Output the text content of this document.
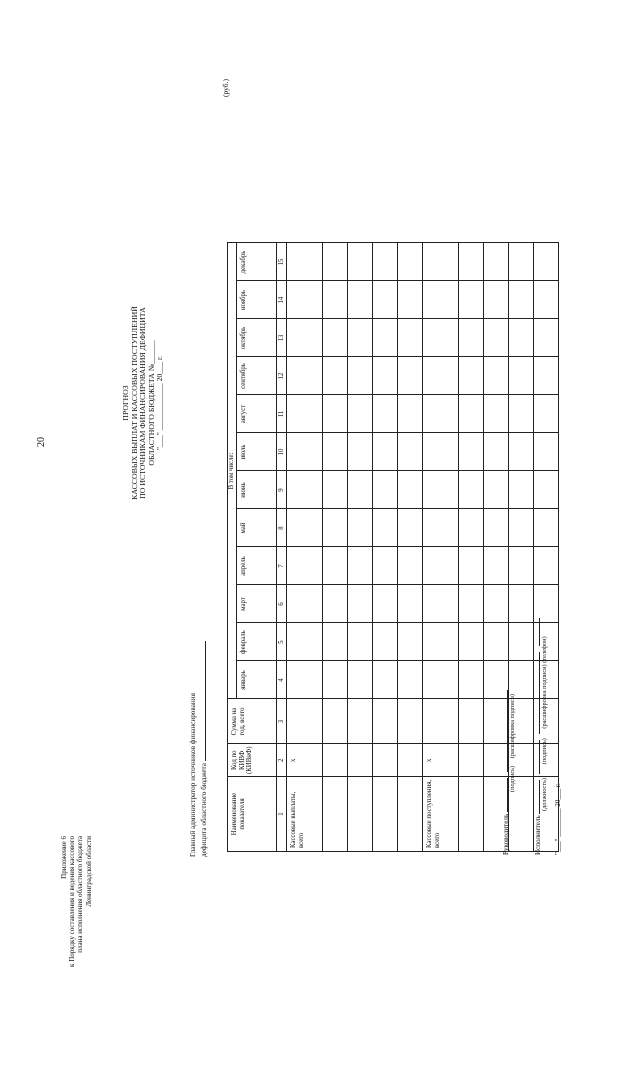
20
Приложение 6 к Порядку составления и ведения кассового плана исполнения областного бюджета Ленинградской области
ПРОГНОЗ КАССОВЫХ ВЫПЛАТ И КАССОВЫХ ПОСТУПЛЕНИЙ ПО ИСТОЧНИКАМ ФИНАНСИРОВАНИЯ ДЕФИЦИТА ОБЛАСТНОГО БЮДЖЕТА №______ "___" ____________ 20___ г.
Главный администратор источников финансирования дефицита областного бюджета
(руб.)
Наименование показателя	Код по КИВФ (КИВнФ)	Сумма на год, всего	В том числе:											
			январь	февраль	март	апрель	май	июнь	июль	август	сентябрь	октябрь	ноябрь	декабрь
1	2	3	4	5	6	7	8	9	10	11	12	13	14	15
Кассовые выплаты, всего	х													

Кассовые поступления, всего	х													

Руководитель
(подпись) (расшифровка подписи)
Исполнитель
(должность) (подпись) (расшифровка подписи) (телефон)
"___" ________ 20___ г.
